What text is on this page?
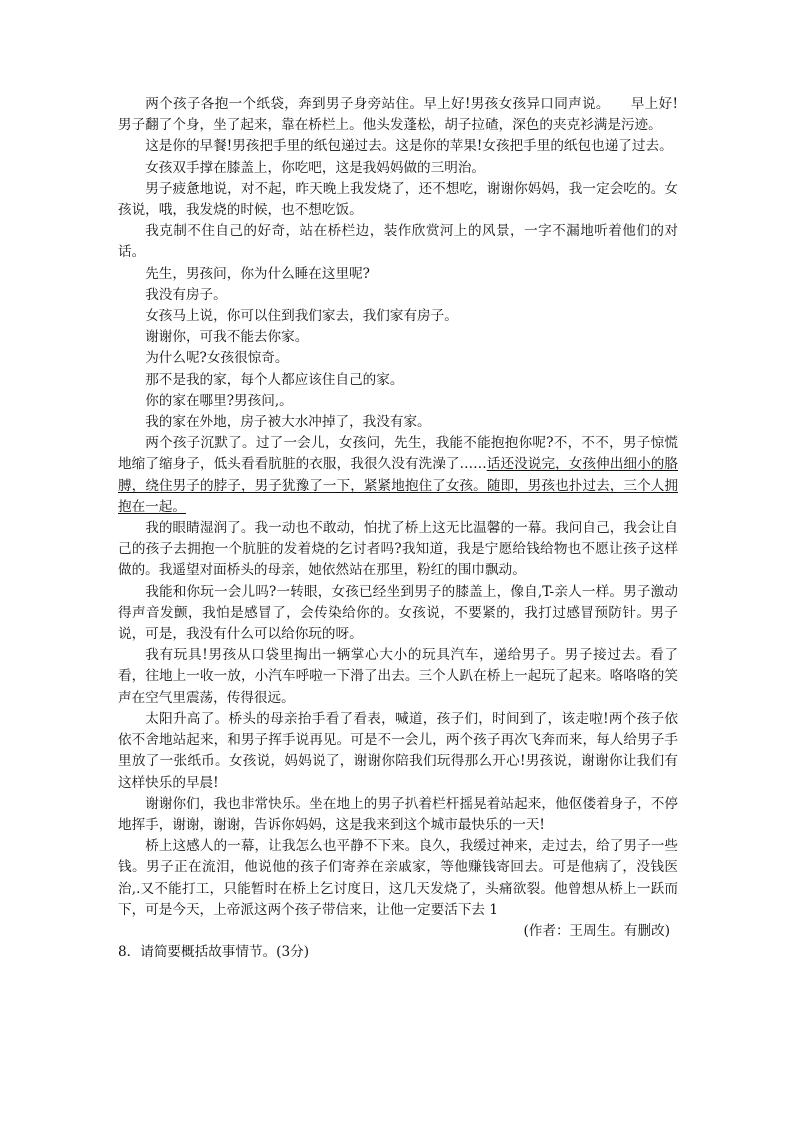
两个孩子各抱一个纸袋，奔到男子身旁站住。早上好!男孩女孩异口同声说。　　早上好!男子翻了个身，坐了起来，靠在桥栏上。他头发蓬松，胡子拉碴，深色的夹克衫满是污迹。

这是你的早餐!男孩把手里的纸包递过去。这是你的苹果!女孩把手里的纸包也递了过去。

女孩双手撑在膝盖上，你吃吧，这是我妈妈做的三明治。

男子疲惫地说，对不起，昨天晚上我发烧了，还不想吃，谢谢你妈妈，我一定会吃的。女孩说，哦，我发烧的时候，也不想吃饭。

我克制不住自己的好奇，站在桥栏边，装作欣赏河上的风景，一字不漏地听着他们的对话。

先生，男孩问，你为什么睡在这里呢?

我没有房子。

女孩马上说，你可以住到我们家去，我们家有房子。

谢谢你，可我不能去你家。

为什么呢?女孩很惊奇。

那不是我的家，每个人都应该住自己的家。

你的家在哪里?男孩问,。

我的家在外地，房子被大水冲掉了，我没有家。

两个孩子沉默了。过了一会儿，女孩问，先生，我能不能抱抱你呢?不，不不，男子惊慌地缩了缩身子，低头看看肮脏的衣服，我很久没有洗澡了……话还没说完，女孩伸出细小的胳膊，绕住男子的脖子，男子犹豫了一下，紧紧地抱住了女孩。随即，男孩也扑过去，三个人拥抱在一起。

我的眼睛湿润了。我一动也不敢动，怕扰了桥上这无比温馨的一幕。我问自己，我会让自己的孩子去拥抱一个肮脏的发着烧的乞讨者吗?我知道，我是宁愿给钱给物也不愿让孩子这样做的。我遥望对面桥头的母亲，她依然站在那里，粉红的围巾飘动。

我能和你玩一会儿吗?一转眼，女孩已经坐到男子的膝盖上，像自,T-亲人一样。男子激动得声音发颤，我怕是感冒了，会传染给你的。女孩说，不要紧的，我打过感冒预防针。男子说，可是，我没有什么可以给你玩的呀。

我有玩具!男孩从口袋里掏出一辆掌心大小的玩具汽车，递给男子。男子接过去。看了看，往地上一收一放，小汽车呼啦一下滑了出去。三个人趴在桥上一起玩了起来。咯咯咯的笑声在空气里震荡，传得很远。

太阳升高了。桥头的母亲抬手看了看表，喊道，孩子们，时间到了，该走啦!两个孩子依依不舍地站起来，和男子挥手说再见。可是不一会儿，两个孩子再次飞奔而来，每人给男子手里放了一张纸币。女孩说，妈妈说了，谢谢你陪我们玩得那么开心!男孩说，谢谢你让我们有这样快乐的早晨!

谢谢你们，我也非常快乐。坐在地上的男子扒着栏杆摇晃着站起来，他伛偻着身子，不停地挥手，谢谢，谢谢，告诉你妈妈，这是我来到这个城市最快乐的一天!

桥上这感人的一幕，让我怎么也平静不下来。良久，我缓过神来，走过去，给了男子一些钱。男子正在流泪，他说他的孩子们寄养在亲戚家，等他赚钱寄回去。可是他病了，没钱医治,.又不能打工，只能暂时在桥上乞讨度日，这几天发烧了，头痛欲裂。他曾想从桥上一跃而下，可是今天，上帝派这两个孩子带信来，让他一定要活下去 1

(作者：王周生。有删改)

8．请简要概括故事情节。(3分)
